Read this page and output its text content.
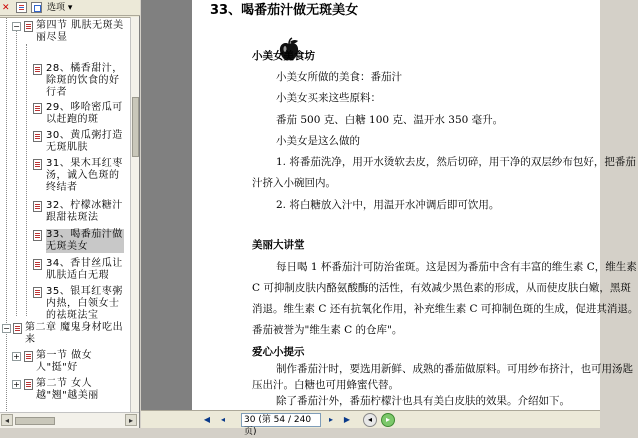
✕	选项 ▾
− 第四节 肌肤无斑美丽尽显
28、橘香甜汁，除斑的饮食的好行者
29、哆哈密瓜可以赶跑的斑
30、黄瓜粥打造无斑肌肤
31、果木耳红枣汤，诚入色斑的终结者
32、柠檬冰糖汁跟甜祛斑法
33、喝番茄汁做无斑美女
34、香甘丝瓜让肌肤适白无瑕
35、银耳红枣粥内热，白领女士的祛斑法宝
− 第二章 魔鬼身材吃出来
+ 第一节 做女人"挺"好
+ 第二节 女人越"翘"越美丽
◂	▸
33、喝番茄汁做无斑美女
小美女美食坊
小美女所做的美食：番茄汁
小美女买来这些原料：
番茄 500 克、白糖 100 克、温开水 350 毫升。
小美女是这么做的
1. 将番茄洗净，用开水烫软去皮，然后切碎，用干净的双层纱布包好，把番茄
汁挤入小碗回内。
2. 将白糖放入汁中，用温开水冲调后即可饮用。
美丽大讲堂
每日喝 1 杯番茄汁可防治雀斑。这是因为番茄中含有丰富的维生素 C，维生素
C 可抑制皮肤内酪氨酸酶的活性，有效减少黑色素的形成，从而使皮肤白嫩，黑斑
消退。维生素 C 还有抗氧化作用，补充维生素 C 可抑制色斑的生成，促进其消退。
番茄被誉为"维生素 C 的仓库"。
爱心小提示
制作番茄汁时，要选用新鲜、成熟的番茄做原料。可用纱布挤汁，也可用汤匙
压出汁。白糖也可用蜂蜜代替。
除了番茄汁外，番茄柠檬汁也具有美白皮肤的效果。介绍如下。
◀	◂	30 (第 54 / 240 页)
▸	▶	◂	▸
